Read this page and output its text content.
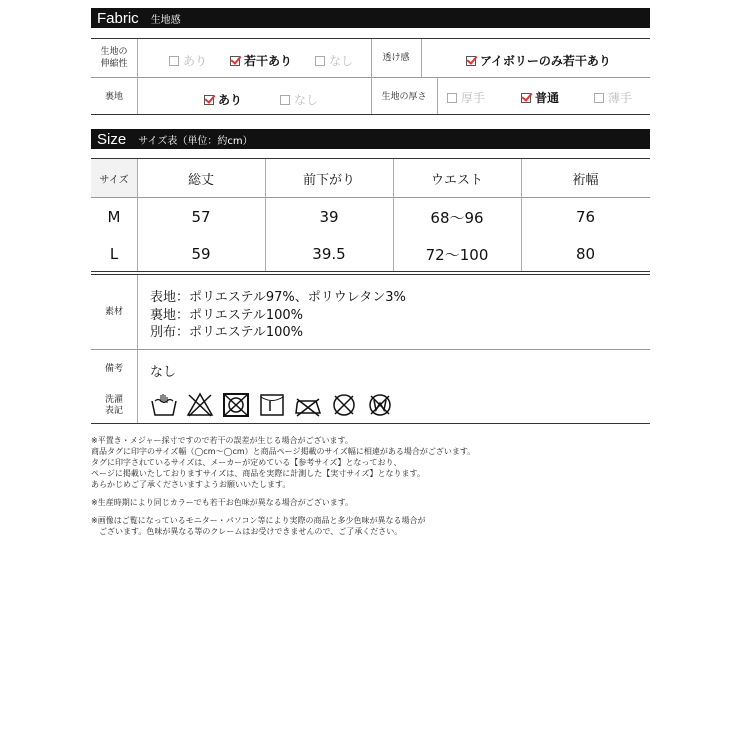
Fabric 生地感
生地の
伸縮性	あり	若干あり	なし	透け感	アイボリーのみ若干あり
裏地	あり	なし	生地の厚さ	厚手	普通	薄手
Size サイズ表（単位：約cm）
サイズ	総丈	前下がり	ウエスト	裄幅
M	57	39	68〜96	76
L	59	39.5	72〜100	80
素材
表地：ポリエステル97%、ポリウレタン3%
裏地：ポリエステル100%
別布：ポリエステル100%
備考	なし
洗濯
表記
※平置き・メジャー採寸ですので若干の誤差が生じる場合がございます。
商品タグに印字のサイズ幅（◯cm〜◯cm）と商品ページ掲載のサイズ幅に相違がある場合がございます。
タグに印字されているサイズは、メーカーが定めている【参考サイズ】となっており、
ページに掲載いたしておりますサイズは、商品を実際に計測した【実寸サイズ】となります。
あらかじめご了承くださいますようお願いいたします。
※生産時期により同じカラーでも若干お色味が異なる場合がございます。
※画像はご覧になっているモニター・パソコン等により実際の商品と多少色味が異なる場合が
　ございます。色味が異なる等のクレームはお受けできませんので、ご了承ください。
